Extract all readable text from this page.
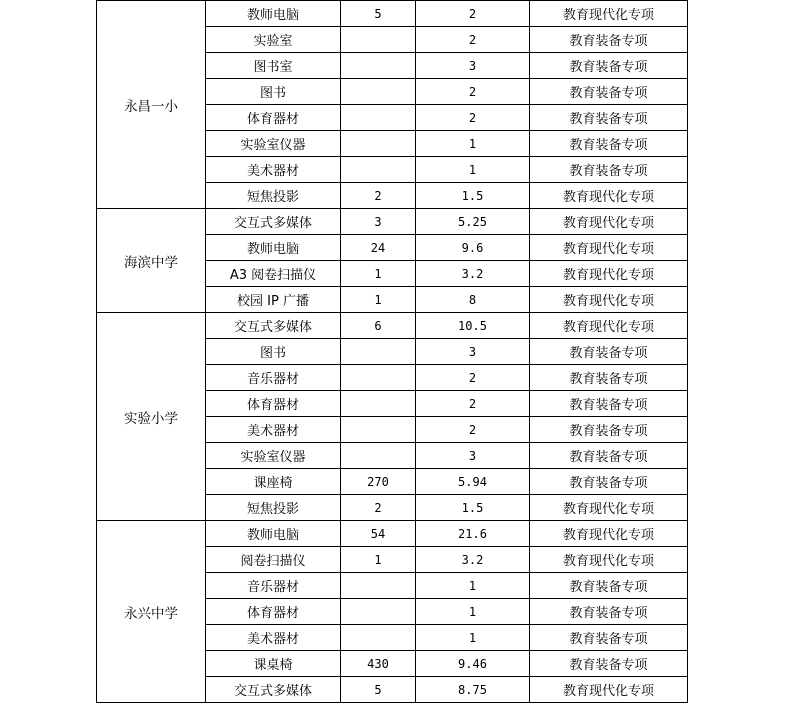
永昌一小	教师电脑	5	2	教育现代化专项
	实验室		2	教育装备专项
	图书室		3	教育装备专项
	图书		2	教育装备专项
	体育器材		2	教育装备专项
	实验室仪器		1	教育装备专项
	美术器材		1	教育装备专项
	短焦投影	2	1.5	教育现代化专项
海滨中学	交互式多媒体	3	5.25	教育现代化专项
	教师电脑	24	9.6	教育现代化专项
	A3 阅卷扫描仪	1	3.2	教育现代化专项
	校园 IP 广播	1	8	教育现代化专项
实验小学	交互式多媒体	6	10.5	教育现代化专项
	图书		3	教育装备专项
	音乐器材		2	教育装备专项
	体育器材		2	教育装备专项
	美术器材		2	教育装备专项
	实验室仪器		3	教育装备专项
	课座椅	270	5.94	教育装备专项
	短焦投影	2	1.5	教育现代化专项
永兴中学	教师电脑	54	21.6	教育现代化专项
	阅卷扫描仪	1	3.2	教育现代化专项
	音乐器材		1	教育装备专项
	体育器材		1	教育装备专项
	美术器材		1	教育装备专项
	课桌椅	430	9.46	教育装备专项
	交互式多媒体	5	8.75	教育现代化专项
